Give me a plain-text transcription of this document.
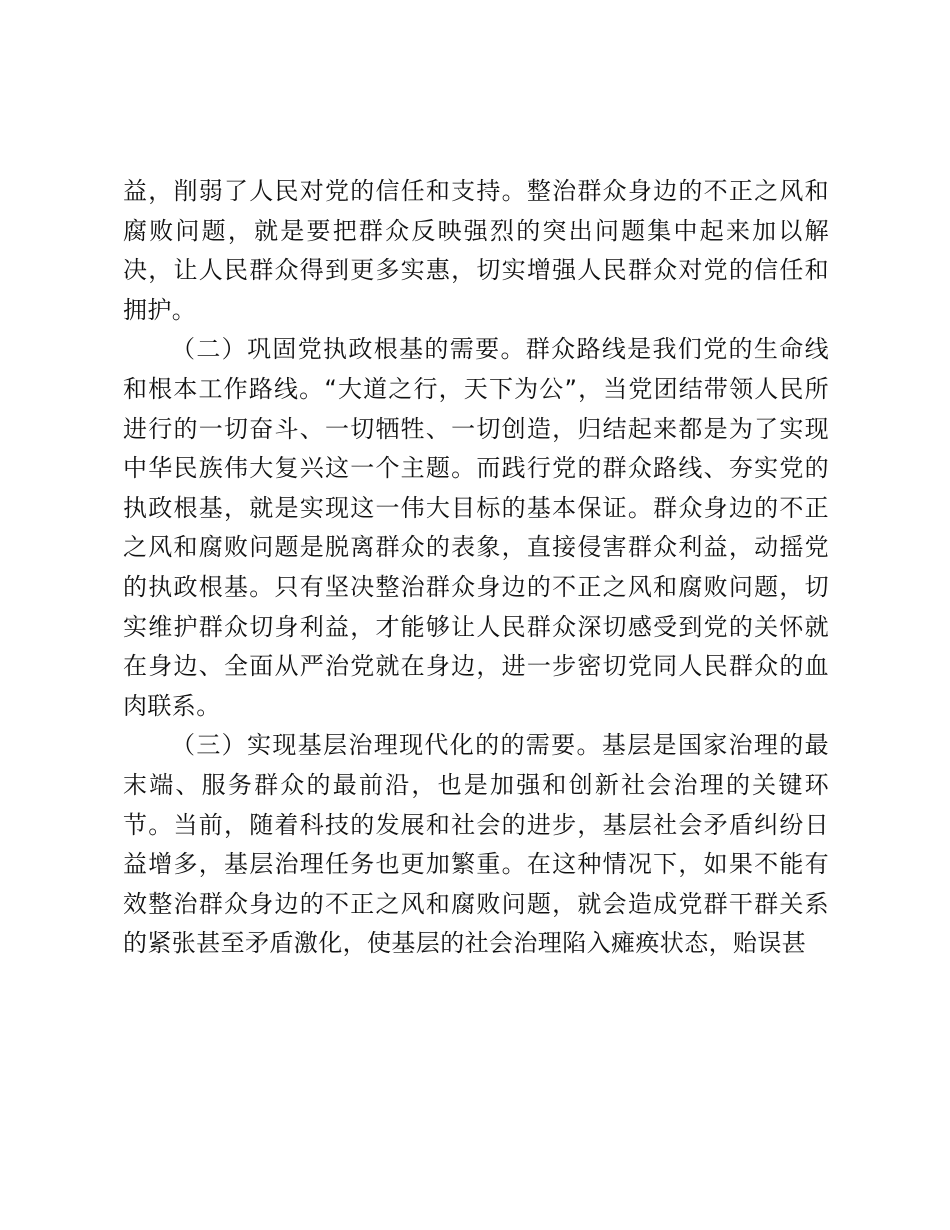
益，削弱了人民对党的信任和支持。整治群众身边的不正之风和腐败问题，就是要把群众反映强烈的突出问题集中起来加以解决，让人民群众得到更多实惠，切实增强人民群众对党的信任和拥护。

（二）巩固党执政根基的需要。群众路线是我们党的生命线和根本工作路线。“大道之行，天下为公”，当党团结带领人民所进行的一切奋斗、一切牺牲、一切创造，归结起来都是为了实现中华民族伟大复兴这一个主题。而践行党的群众路线、夯实党的执政根基，就是实现这一伟大目标的基本保证。群众身边的不正之风和腐败问题是脱离群众的表象，直接侵害群众利益，动摇党的执政根基。只有坚决整治群众身边的不正之风和腐败问题，切实维护群众切身利益，才能够让人民群众深切感受到党的关怀就在身边、全面从严治党就在身边，进一步密切党同人民群众的血肉联系。

（三）实现基层治理现代化的的需要。基层是国家治理的最末端、服务群众的最前沿，也是加强和创新社会治理的关键环节。当前，随着科技的发展和社会的进步，基层社会矛盾纠纷日益增多，基层治理任务也更加繁重。在这种情况下，如果不能有效整治群众身边的不正之风和腐败问题，就会造成党群干群关系的紧张甚至矛盾激化，使基层的社会治理陷入瘫痪状态，贻误甚
